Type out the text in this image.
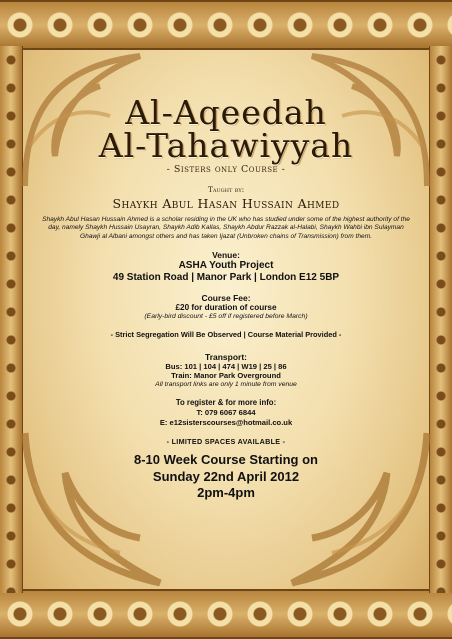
Al-Aqeedah
Al-Tahawiyyah
- Sisters only Course -
Taught by:
Shaykh Abul Hasan Hussain Ahmed
Shaykh Abul Hasan Hussain Ahmed is a scholar residing in the UK who has studied under some of the highest authority of the day, namely Shaykh Hussain Usayran, Shaykh Adib Kallas, Shaykh Abdur Razzak al-Halabi, Shaykh Wahbi ibn Sulayman Ghawji al Albani amongst others and has taken Ijazat (Unbroken chains of Transmission) from them.
Venue:
ASHA Youth Project
49 Station Road | Manor Park | London E12 5BP
Course Fee:
£20 for duration of course
(Early-bird discount - £5 off if registered before March)
- Strict Segregation Will Be Observed | Course Material Provided -
Transport:
Bus: 101 | 104 | 474 | W19 | 25 | 86
Train: Manor Park Overground
All transport links are only 1 minute from venue
To register & for more info:
T: 079 6067 6844
E: e12sisterscourses@hotmail.co.uk
- LIMITED SPACES AVAILABLE -
8-10 Week Course Starting on
Sunday 22nd April 2012
2pm-4pm
